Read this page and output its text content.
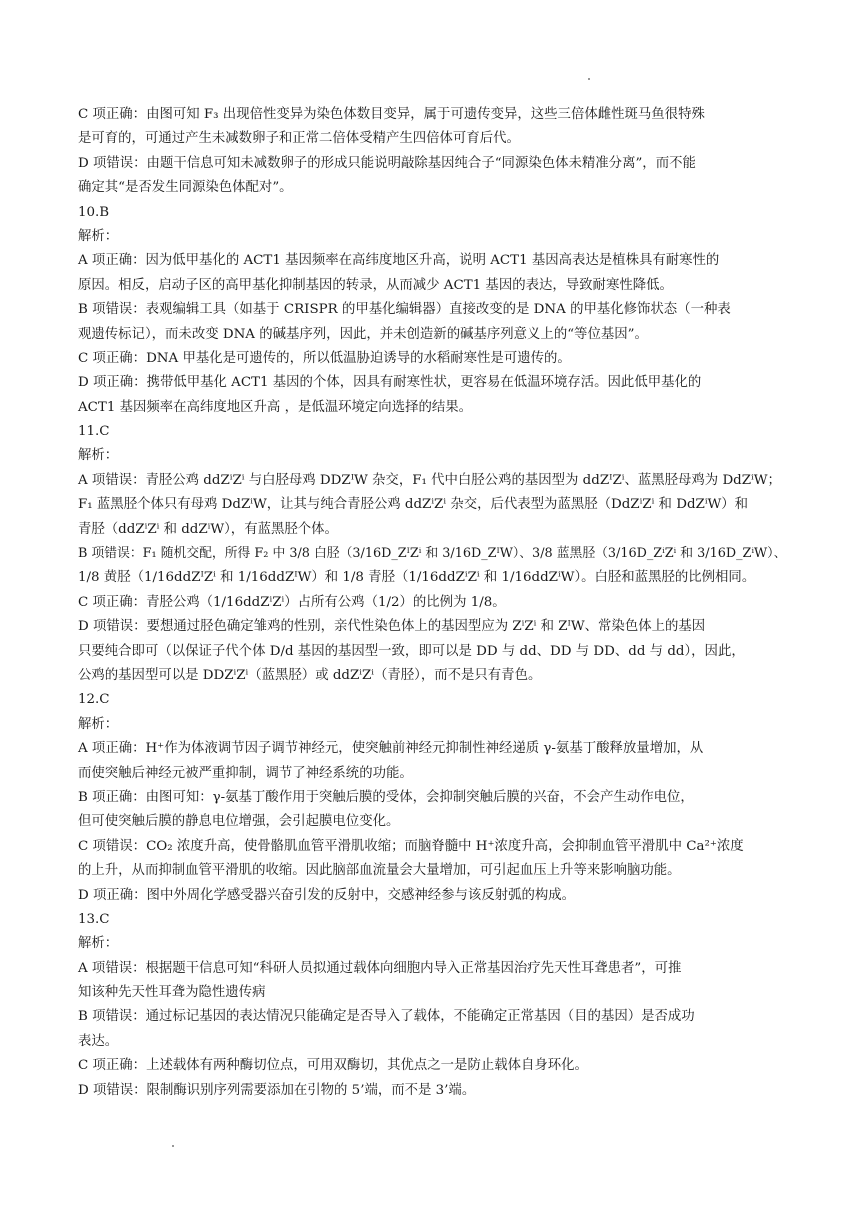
C 项正确：由图可知 F₃ 出现倍性变异为染色体数目变异，属于可遗传变异，这些三倍体雌性斑马鱼很特殊
是可育的，可通过产生未减数卵子和正常二倍体受精产生四倍体可育后代。
D 项错误：由题干信息可知未减数卵子的形成只能说明敲除基因纯合子“同源染色体未精准分离”，而不能
确定其“是否发生同源染色体配对”。
10.B
解析：
A 项正确：因为低甲基化的 ACT1 基因频率在高纬度地区升高，说明 ACT1 基因高表达是植株具有耐寒性的
原因。相反，启动子区的高甲基化抑制基因的转录，从而减少 ACT1 基因的表达，导致耐寒性降低。
B 项错误：表观编辑工具（如基于 CRISPR 的甲基化编辑器）直接改变的是 DNA 的甲基化修饰状态（一种表
观遗传标记），而未改变 DNA 的碱基序列，因此，并未创造新的碱基序列意义上的“等位基因”。
C 项正确：DNA 甲基化是可遗传的，所以低温胁迫诱导的水稻耐寒性是可遗传的。
D 项正确：携带低甲基化 ACT1 基因的个体，因具有耐寒性状，更容易在低温环境存活。因此低甲基化的
ACT1 基因频率在高纬度地区升高 ，是低温环境定向选择的结果。
11.C
解析：
A 项错误：青胫公鸡 ddZⁱZⁱ 与白胫母鸡 DDZᴵW 杂交，F₁ 代中白胫公鸡的基因型为 ddZᴵZⁱ、蓝黑胫母鸡为 DdZⁱW；
F₁ 蓝黑胫个体只有母鸡 DdZⁱW，让其与纯合青胫公鸡 ddZⁱZⁱ 杂交，后代表型为蓝黑胫（DdZⁱZⁱ 和 DdZⁱW）和
青胫（ddZⁱZⁱ 和 ddZⁱW），有蓝黑胫个体。
B 项错误：F₁ 随机交配，所得 F₂ 中 3/8 白胫（3/16D_ZᴵZⁱ 和 3/16D_ZᴵW）、3/8 蓝黑胫（3/16D_ZⁱZⁱ 和 3/16D_ZⁱW）、
1/8 黄胫（1/16ddZᴵZⁱ 和 1/16ddZᴵW）和 1/8 青胫（1/16ddZⁱZⁱ 和 1/16ddZⁱW）。白胫和蓝黑胫的比例相同。
C 项正确：青胫公鸡（1/16ddZⁱZⁱ）占所有公鸡（1/2）的比例为 1/8。
D 项错误：要想通过胫色确定雏鸡的性别，亲代性染色体上的基因型应为 ZⁱZⁱ 和 ZᴵW、常染色体上的基因
只要纯合即可（以保证子代个体 D/d 基因的基因型一致，即可以是 DD 与 dd、DD 与 DD、dd 与 dd），因此，
公鸡的基因型可以是 DDZⁱZⁱ（蓝黑胫）或 ddZⁱZⁱ（青胫），而不是只有青色。
12.C
解析：
A 项正确：H⁺作为体液调节因子调节神经元，使突触前神经元抑制性神经递质 γ-氨基丁酸释放量增加，从
而使突触后神经元被严重抑制，调节了神经系统的功能。
B 项正确：由图可知：γ-氨基丁酸作用于突触后膜的受体，会抑制突触后膜的兴奋，不会产生动作电位，
但可使突触后膜的静息电位增强，会引起膜电位变化。
C 项错误：CO₂ 浓度升高，使骨骼肌血管平滑肌收缩；而脑脊髓中 H⁺浓度升高，会抑制血管平滑肌中 Ca²⁺浓度
的上升，从而抑制血管平滑肌的收缩。因此脑部血流量会大量增加，可引起血压上升等来影响脑功能。
D 项正确：图中外周化学感受器兴奋引发的反射中，交感神经参与该反射弧的构成。
13.C
解析：
A 项错误：根据题干信息可知“科研人员拟通过载体向细胞内导入正常基因治疗先天性耳聋患者”，可推
知该种先天性耳聋为隐性遗传病
B 项错误：通过标记基因的表达情况只能确定是否导入了载体，不能确定正常基因（目的基因）是否成功
表达。
C 项正确：上述载体有两种酶切位点，可用双酶切，其优点之一是防止载体自身环化。
D 项错误：限制酶识别序列需要添加在引物的 5’端，而不是 3’端。
